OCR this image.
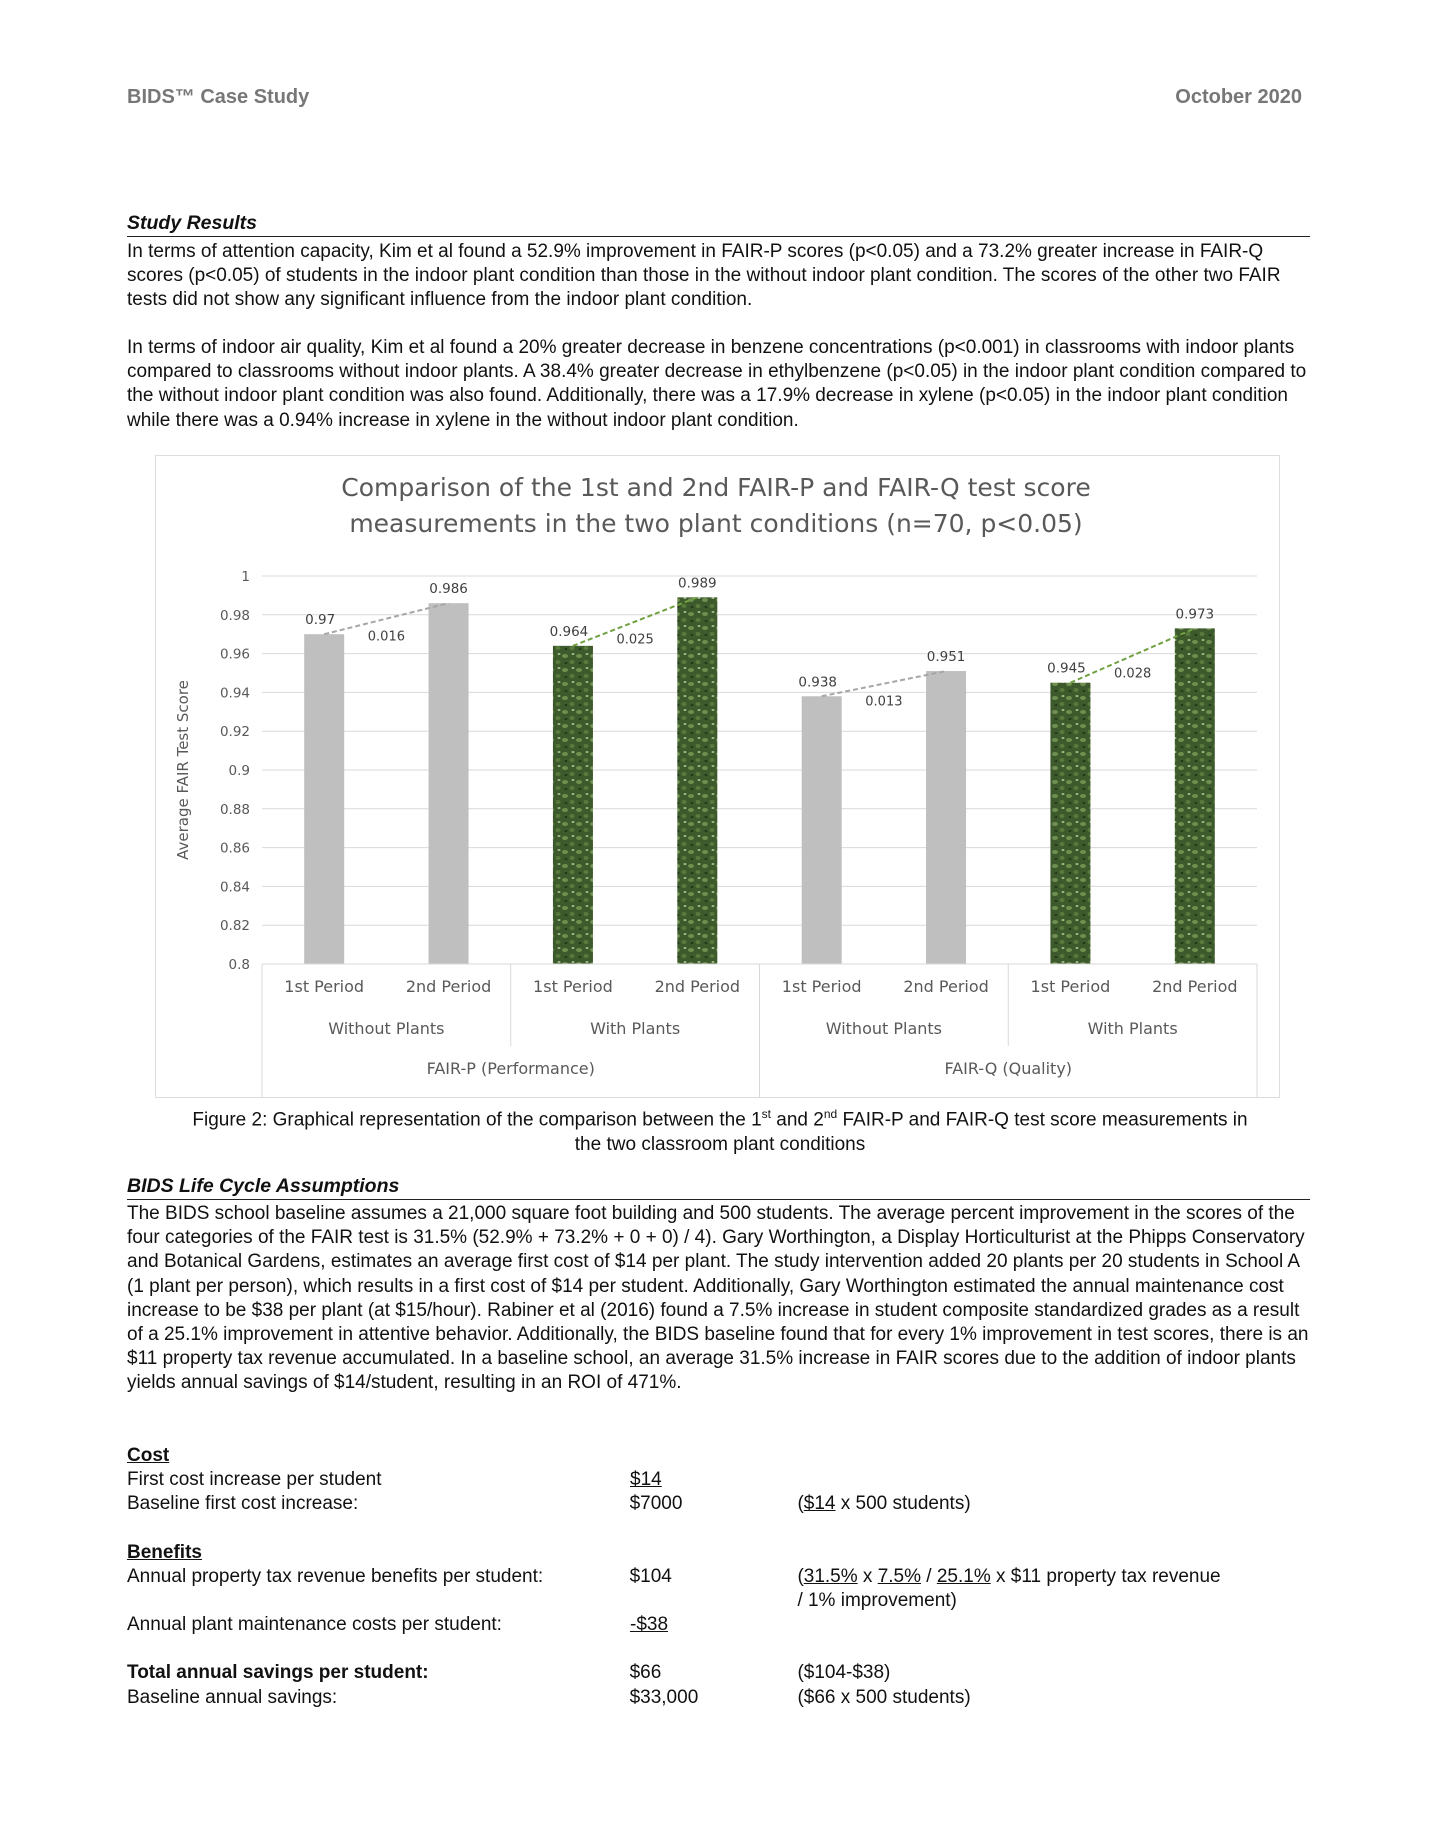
BIDS™ Case Study	October 2020
Study Results
In terms of attention capacity, Kim et al found a 52.9% improvement in FAIR-P scores (p<0.05) and a 73.2% greater increase in FAIR-Q scores (p<0.05) of students in the indoor plant condition than those in the without indoor plant condition. The scores of the other two FAIR tests did not show any significant influence from the indoor plant condition.
In terms of indoor air quality, Kim et al found a 20% greater decrease in benzene concentrations (p<0.001) in classrooms with indoor plants compared to classrooms without indoor plants. A 38.4% greater decrease in ethylbenzene (p<0.05) in the indoor plant condition compared to the without indoor plant condition was also found. Additionally, there was a 17.9% decrease in xylene (p<0.05) in the indoor plant condition while there was a 0.94% increase in xylene in the without indoor plant condition.
Comparison of the 1st and 2nd FAIR-P and FAIR-Q test score
measurements in the two plant conditions (n=70, p<0.05)
Average FAIR Test Score
0.8
0.82
0.84
0.86
0.88
0.9
0.92
0.94
0.96
0.98
1
0.97
1st Period
0.986
2nd Period
0.964
1st Period
0.989
2nd Period
0.938
1st Period
0.951
2nd Period
0.945
1st Period
0.973
2nd Period
0.016	0.025
0.013
0.028
Without Plants	With Plants	Without Plants	With Plants
FAIR-P (Performance)	FAIR-Q (Quality)
Figure 2: Graphical representation of the comparison between the 1st and 2nd FAIR-P and FAIR-Q test score measurements in
the two classroom plant conditions
BIDS Life Cycle Assumptions
The BIDS school baseline assumes a 21,000 square foot building and 500 students. The average percent improvement in the scores of the four categories of the FAIR test is 31.5% (52.9% + 73.2% + 0 + 0) / 4). Gary Worthington, a Display Horticulturist at the Phipps Conservatory and Botanical Gardens, estimates an average first cost of $14 per plant. The study intervention added 20 plants per 20 students in School A (1 plant per person), which results in a first cost of $14 per student. Additionally, Gary Worthington estimated the annual maintenance cost increase to be $38 per plant (at $15/hour). Rabiner et al (2016) found a 7.5% increase in student composite standardized grades as a result of a 25.1% improvement in attentive behavior. Additionally, the BIDS baseline found that for every 1% improvement in test scores, there is an $11 property tax revenue accumulated. In a baseline school, an average 31.5% increase in FAIR scores due to the addition of indoor plants yields annual savings of $14/student, resulting in an ROI of 471%.
Cost
First cost increase per student	$14
Baseline first cost increase:	$7000	($14 x 500 students)
Benefits
Annual property tax revenue benefits per student:	$104	(31.5% x 7.5% / 25.1% x $11 property tax revenue
/ 1% improvement)
Annual plant maintenance costs per student:	-$38
Total annual savings per student:	$66	($104-$38)
Baseline annual savings:	$33,000	($66 x 500 students)
